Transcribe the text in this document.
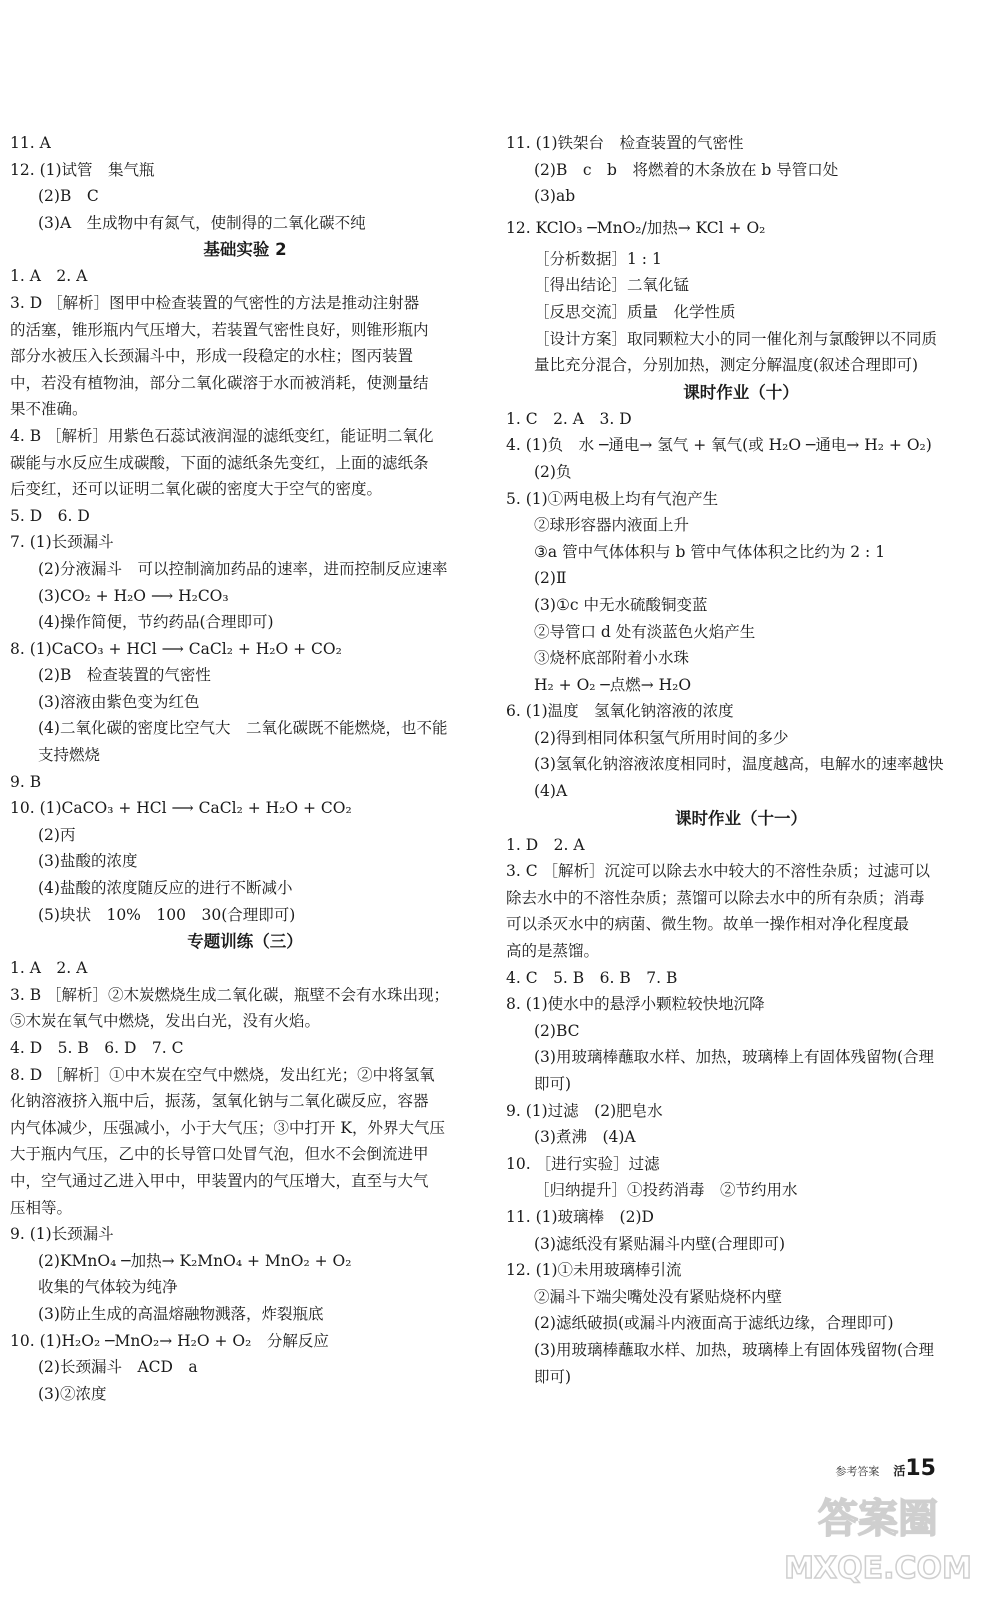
11. A
12. (1)试管　集气瓶
(2)B　C
(3)A　生成物中有氮气，使制得的二氧化碳不纯
基础实验 2
1. A　2. A
3. D ［解析］图甲中检查装置的气密性的方法是推动注射器
的活塞，锥形瓶内气压增大，若装置气密性良好，则锥形瓶内
部分水被压入长颈漏斗中，形成一段稳定的水柱；图丙装置
中，若没有植物油，部分二氧化碳溶于水而被消耗，使测量结
果不准确。
4. B ［解析］用紫色石蕊试液润湿的滤纸变红，能证明二氧化
碳能与水反应生成碳酸，下面的滤纸条先变红，上面的滤纸条
后变红，还可以证明二氧化碳的密度大于空气的密度。
5. D　6. D
7. (1)长颈漏斗
(2)分液漏斗　可以控制滴加药品的速率，进而控制反应速率
(3)CO₂ + H₂O ⟶ H₂CO₃
(4)操作简便，节约药品(合理即可)
8. (1)CaCO₃ + HCl ⟶ CaCl₂ + H₂O + CO₂
(2)B　检查装置的气密性
(3)溶液由紫色变为红色
(4)二氧化碳的密度比空气大　二氧化碳既不能燃烧，也不能
支持燃烧
9. B
10. (1)CaCO₃ + HCl ⟶ CaCl₂ + H₂O + CO₂
(2)丙
(3)盐酸的浓度
(4)盐酸的浓度随反应的进行不断减小
(5)块状　10%　100　30(合理即可)
专题训练（三）
1. A　2. A
3. B ［解析］②木炭燃烧生成二氧化碳，瓶壁不会有水珠出现；
⑤木炭在氧气中燃烧，发出白光，没有火焰。
4. D　5. B　6. D　7. C
8. D ［解析］①中木炭在空气中燃烧，发出红光；②中将氢氧
化钠溶液挤入瓶中后，振荡，氢氧化钠与二氧化碳反应，容器
内气体减少，压强减小，小于大气压；③中打开 K，外界大气压
大于瓶内气压，乙中的长导管口处冒气泡，但水不会倒流进甲
中，空气通过乙进入甲中，甲装置内的气压增大，直至与大气
压相等。
9. (1)长颈漏斗
(2)KMnO₄ ─加热→ K₂MnO₄ + MnO₂ + O₂
收集的气体较为纯净
(3)防止生成的高温熔融物溅落，炸裂瓶底
10. (1)H₂O₂ ─MnO₂→ H₂O + O₂　分解反应
(2)长颈漏斗　ACD　a
(3)②浓度
11. (1)铁架台　检查装置的气密性
(2)B　c　b　将燃着的木条放在 b 导管口处
(3)ab
12. KClO₃ ─MnO₂/加热→ KCl + O₂
［分析数据］1 : 1
［得出结论］二氧化锰
［反思交流］质量　化学性质
［设计方案］取同颗粒大小的同一催化剂与氯酸钾以不同质
量比充分混合，分别加热，测定分解温度(叙述合理即可)
课时作业（十）
1. C　2. A　3. D
4. (1)负　水 ─通电→ 氢气 + 氧气(或 H₂O ─通电→ H₂ + O₂)
(2)负
5. (1)①两电极上均有气泡产生
②球形容器内液面上升
③a 管中气体体积与 b 管中气体体积之比约为 2 : 1
(2)Ⅱ
(3)①c 中无水硫酸铜变蓝
②导管口 d 处有淡蓝色火焰产生
③烧杯底部附着小水珠
H₂ + O₂ ─点燃→ H₂O
6. (1)温度　氢氧化钠溶液的浓度
(2)得到相同体积氢气所用时间的多少
(3)氢氧化钠溶液浓度相同时，温度越高，电解水的速率越快
(4)A
课时作业（十一）
1. D　2. A
3. C ［解析］沉淀可以除去水中较大的不溶性杂质；过滤可以
除去水中的不溶性杂质；蒸馏可以除去水中的所有杂质；消毒
可以杀灭水中的病菌、微生物。故单一操作相对净化程度最
高的是蒸馏。
4. C　5. B　6. B　7. B
8. (1)使水中的悬浮小颗粒较快地沉降
(2)BC
(3)用玻璃棒蘸取水样、加热，玻璃棒上有固体残留物(合理
即可)
9. (1)过滤　(2)肥皂水
(3)煮沸　(4)A
10. ［进行实验］过滤
［归纳提升］①投药消毒　②节约用水
11. (1)玻璃棒　(2)D
(3)滤纸没有紧贴漏斗内壁(合理即可)
12. (1)①未用玻璃棒引流
②漏斗下端尖嘴处没有紧贴烧杯内壁
(2)滤纸破损(或漏斗内液面高于滤纸边缘，合理即可)
(3)用玻璃棒蘸取水样、加热，玻璃棒上有固体残留物(合理
即可)
参考答案 活15
答案圈
MXQE.COM
